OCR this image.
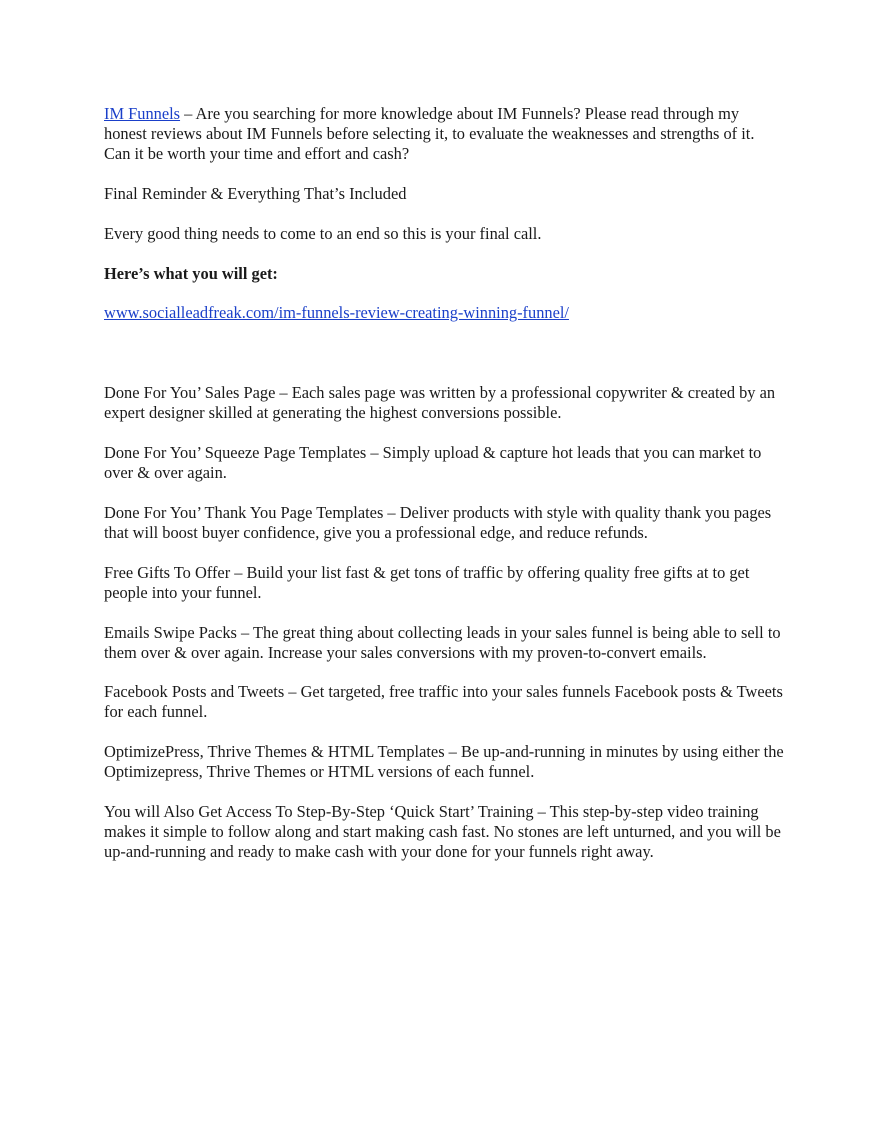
IM Funnels – Are you searching for more knowledge about IM Funnels? Please read through my honest reviews about IM Funnels before selecting it, to evaluate the weaknesses and strengths of it. Can it be worth your time and effort and cash?

Final Reminder & Everything That’s Included

Every good thing needs to come to an end so this is your final call.

Here’s what you will get:

www.socialleadfreak.com/im-funnels-review-creating-winning-funnel/

Done For You’ Sales Page – Each sales page was written by a professional copywriter & created by an expert designer skilled at generating the highest conversions possible.

Done For You’ Squeeze Page Templates – Simply upload & capture hot leads that you can market to over & over again.

Done For You’ Thank You Page Templates – Deliver products with style with quality thank you pages that will boost buyer confidence, give you a professional edge, and reduce refunds.

Free Gifts To Offer – Build your list fast & get tons of traffic by offering quality free gifts at to get people into your funnel.

Emails Swipe Packs – The great thing about collecting leads in your sales funnel is being able to sell to them over & over again. Increase your sales conversions with my proven-to-convert emails.

Facebook Posts and Tweets – Get targeted, free traffic into your sales funnels Facebook posts & Tweets for each funnel.

OptimizePress, Thrive Themes & HTML Templates – Be up-and-running in minutes by using either the Optimizepress, Thrive Themes or HTML versions of each funnel.

You will Also Get Access To Step-By-Step ‘Quick Start’ Training – This step-by-step video training makes it simple to follow along and start making cash fast. No stones are left unturned, and you will be up-and-running and ready to make cash with your done for your funnels right away.
